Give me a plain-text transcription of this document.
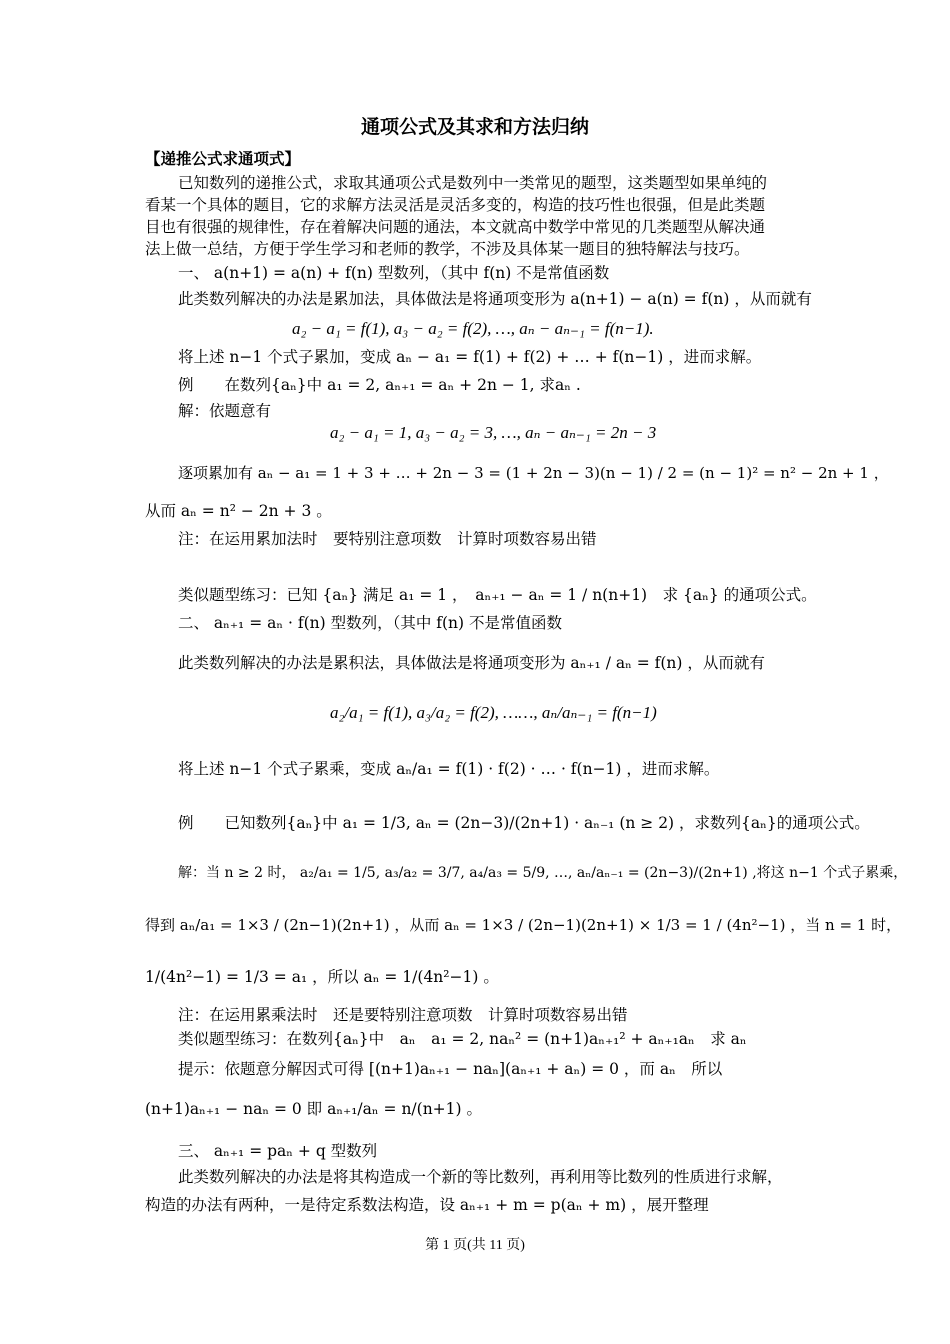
通项公式及其求和方法归纳
【递推公式求通项式】
已知数列的递推公式，求取其通项公式是数列中一类常见的题型，这类题型如果单纯的
看某一个具体的题目，它的求解方法灵活是灵活多变的，构造的技巧性也很强，但是此类题
目也有很强的规律性，存在着解决问题的通法，本文就高中数学中常见的几类题型从解决通
法上做一总结，方便于学生学习和老师的教学，不涉及具体某一题目的独特解法与技巧。
一、 a(n+1) = a(n) + f(n) 型数列，（其中 f(n) 不是常值函数
此类数列解决的办法是累加法，具体做法是将通项变形为 a(n+1) − a(n) = f(n) ，从而就有
a₂ − a₁ = f(1), a₃ − a₂ = f(2), …, aₙ − aₙ₋₁ = f(n−1).
将上述 n−1 个式子累加，变成 aₙ − a₁ = f(1) + f(2) + … + f(n−1) ，进而求解。
例　　在数列{aₙ}中 a₁ = 2, aₙ₊₁ = aₙ + 2n − 1, 求aₙ .
解：依题意有
a₂ − a₁ = 1, a₃ − a₂ = 3, …, aₙ − aₙ₋₁ = 2n − 3
逐项累加有 aₙ − a₁ = 1 + 3 + … + 2n − 3 = (1 + 2n − 3)(n − 1) / 2 = (n − 1)² = n² − 2n + 1 ，
从而 aₙ = n² − 2n + 3 。
注：在运用累加法时　要特别注意项数　计算时项数容易出错
类似题型练习：已知 {aₙ} 满足 a₁ = 1 ，　aₙ₊₁ − aₙ = 1 / n(n+1)　求 {aₙ} 的通项公式。
二、 aₙ₊₁ = aₙ · f(n) 型数列，（其中 f(n) 不是常值函数
此类数列解决的办法是累积法，具体做法是将通项变形为 aₙ₊₁ / aₙ = f(n) ，从而就有
a₂/a₁ = f(1), a₃/a₂ = f(2), ……, aₙ/aₙ₋₁ = f(n−1)
将上述 n−1 个式子累乘，变成 aₙ/a₁ = f(1) · f(2) · … · f(n−1) ，进而求解。
例　　已知数列{aₙ}中 a₁ = 1/3, aₙ = (2n−3)/(2n+1) · aₙ₋₁ (n ≥ 2) ，求数列{aₙ}的通项公式。
解：当 n ≥ 2 时， a₂/a₁ = 1/5, a₃/a₂ = 3/7, a₄/a₃ = 5/9, …, aₙ/aₙ₋₁ = (2n−3)/(2n+1) ,将这 n−1 个式子累乘，
得到 aₙ/a₁ = 1×3 / (2n−1)(2n+1) ，从而 aₙ = 1×3 / (2n−1)(2n+1) × 1/3 = 1 / (4n²−1) ，当 n = 1 时，
1/(4n²−1) = 1/3 = a₁ ，所以 aₙ = 1/(4n²−1) 。
注：在运用累乘法时　还是要特别注意项数　计算时项数容易出错
类似题型练习：在数列{aₙ}中　aₙ　a₁ = 2, naₙ² = (n+1)aₙ₊₁² + aₙ₊₁aₙ　求 aₙ
提示：依题意分解因式可得 [(n+1)aₙ₊₁ − naₙ](aₙ₊₁ + aₙ) = 0 ，而 aₙ　所以
(n+1)aₙ₊₁ − naₙ = 0 即 aₙ₊₁/aₙ = n/(n+1) 。
三、 aₙ₊₁ = paₙ + q 型数列
此类数列解决的办法是将其构造成一个新的等比数列，再利用等比数列的性质进行求解，
构造的办法有两种，一是待定系数法构造，设 aₙ₊₁ + m = p(aₙ + m) ，展开整理
第 1 页(共 11 页)
